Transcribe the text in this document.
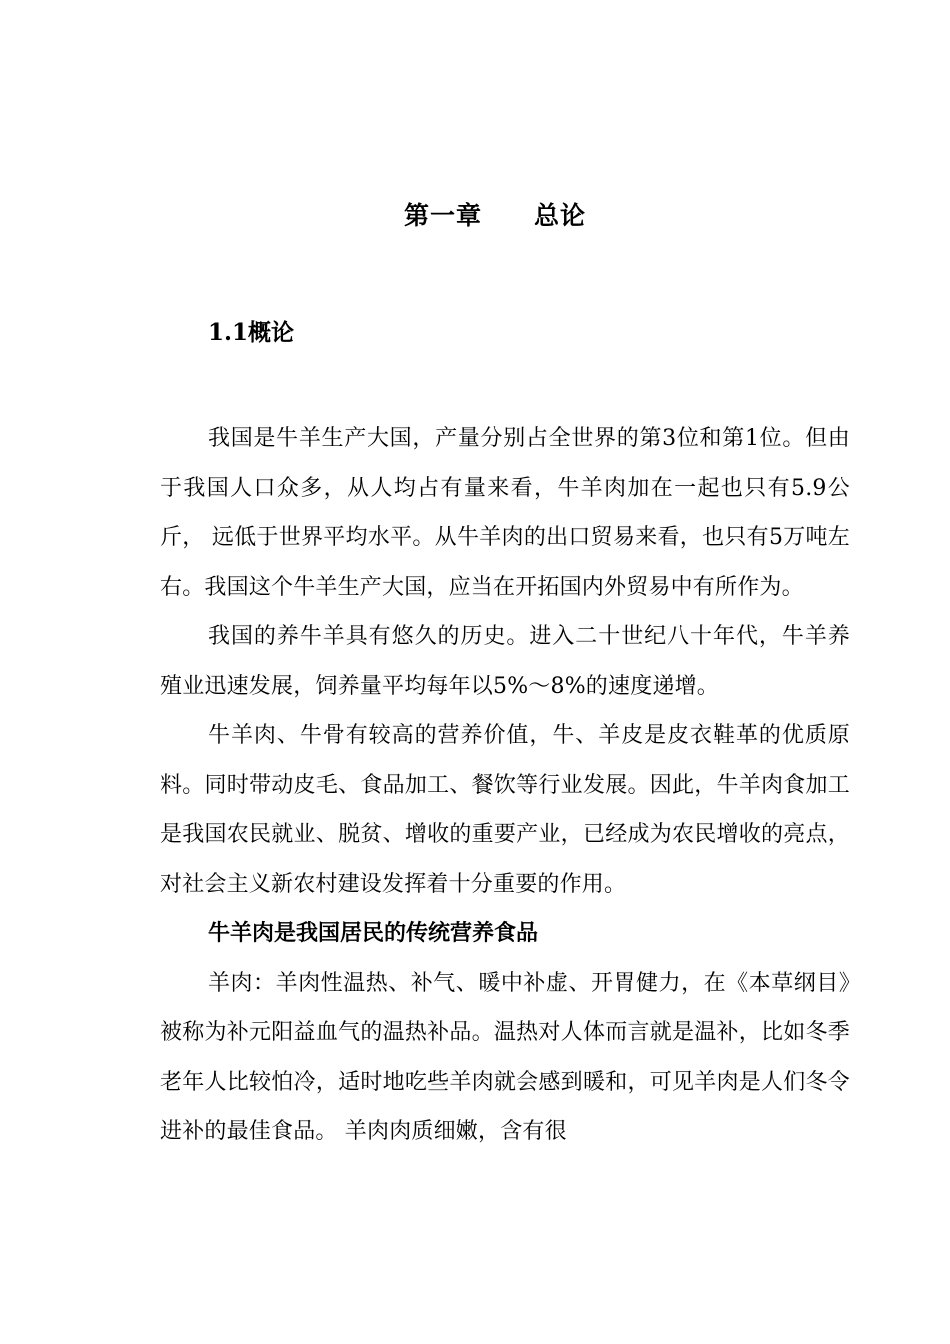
第一章　　总论
1.1概论

我国是牛羊生产大国，产量分别占全世界的第3位和第1位。但由于我国人口众多，从人均占有量来看，牛羊肉加在一起也只有5.9公斤， 远低于世界平均水平。从牛羊肉的出口贸易来看，也只有5万吨左右。我国这个牛羊生产大国，应当在开拓国内外贸易中有所作为。

我国的养牛羊具有悠久的历史。进入二十世纪八十年代，牛羊养殖业迅速发展，饲养量平均每年以5%～8%的速度递增。

牛羊肉、牛骨有较高的营养价值，牛、羊皮是皮衣鞋革的优质原料。同时带动皮毛、食品加工、餐饮等行业发展。因此，牛羊肉食加工是我国农民就业、脱贫、增收的重要产业，已经成为农民增收的亮点，对社会主义新农村建设发挥着十分重要的作用。

牛羊肉是我国居民的传统营养食品

羊肉：羊肉性温热、补气、暖中补虚、开胃健力，在《本草纲目》被称为补元阳益血气的温热补品。温热对人体而言就是温补，比如冬季老年人比较怕冷，适时地吃些羊肉就会感到暖和，可见羊肉是人们冬令进补的最佳食品。 羊肉肉质细嫩，含有很
